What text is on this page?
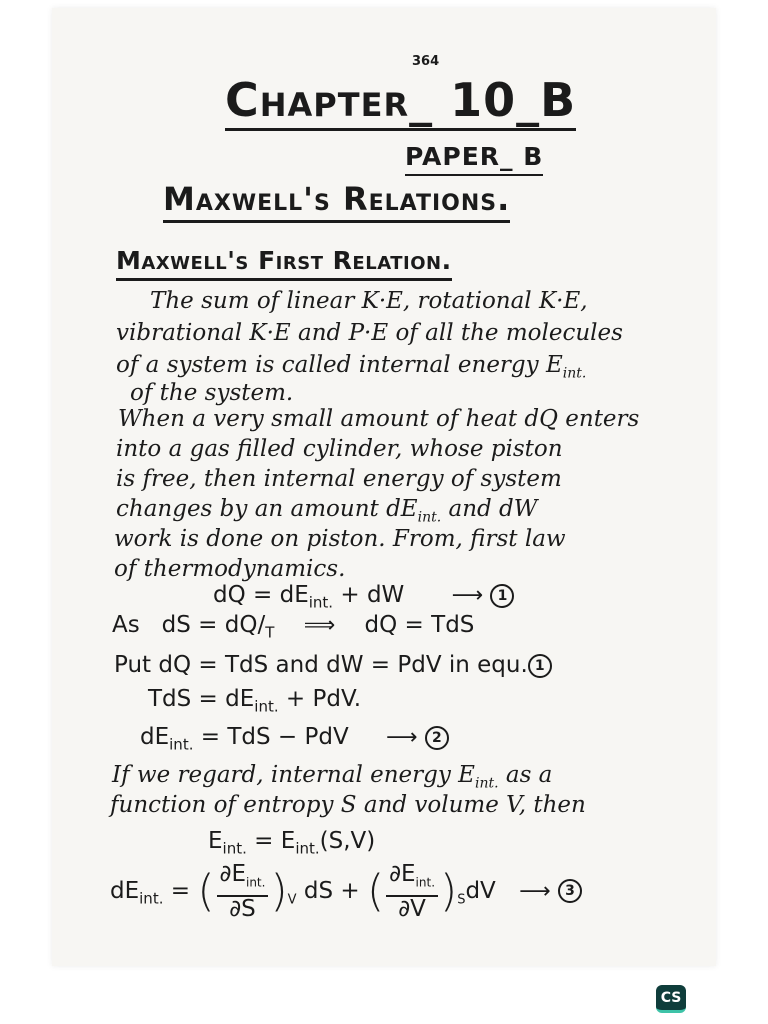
364
Chapter_ 10_B
PAPER_ B
Maxwell's Relations.
Maxwell's First Relation.
The sum of linear K·E, rotational K·E,
vibrational K·E and P·E of all the molecules
of a system is called internal energy $E_{int.}$
of the system.
When a very small amount of heat dQ enters
into a gas filled cylinder, whose piston
is free, then internal energy of system
changes by an amount $dE_{int.}$ and dW
work is done on piston. From, first law
of thermodynamics.
dQ = $dE_{int.}$ + dW ⟶ 1
As dS = $dQ/_T$ ⟹ dQ = TdS
Put dQ = TdS and dW = PdV in equ. 1
TdS = $dE_{int.}$ + PdV.
$dE_{int.}$ = TdS − PdV ⟶ 2
If we regard, internal energy $E_{int.}$ as a
function of entropy S and volume V, then
$E_{int.} = E_{int.}(S,V)$
$dE_{int.}$ = ( $\frac{\partial E_{int.}}{\partial S} )_V$ dS + ( $\frac{\partial E_{int.}}{\partial V} )_SdV$ ⟶ 3
CS
